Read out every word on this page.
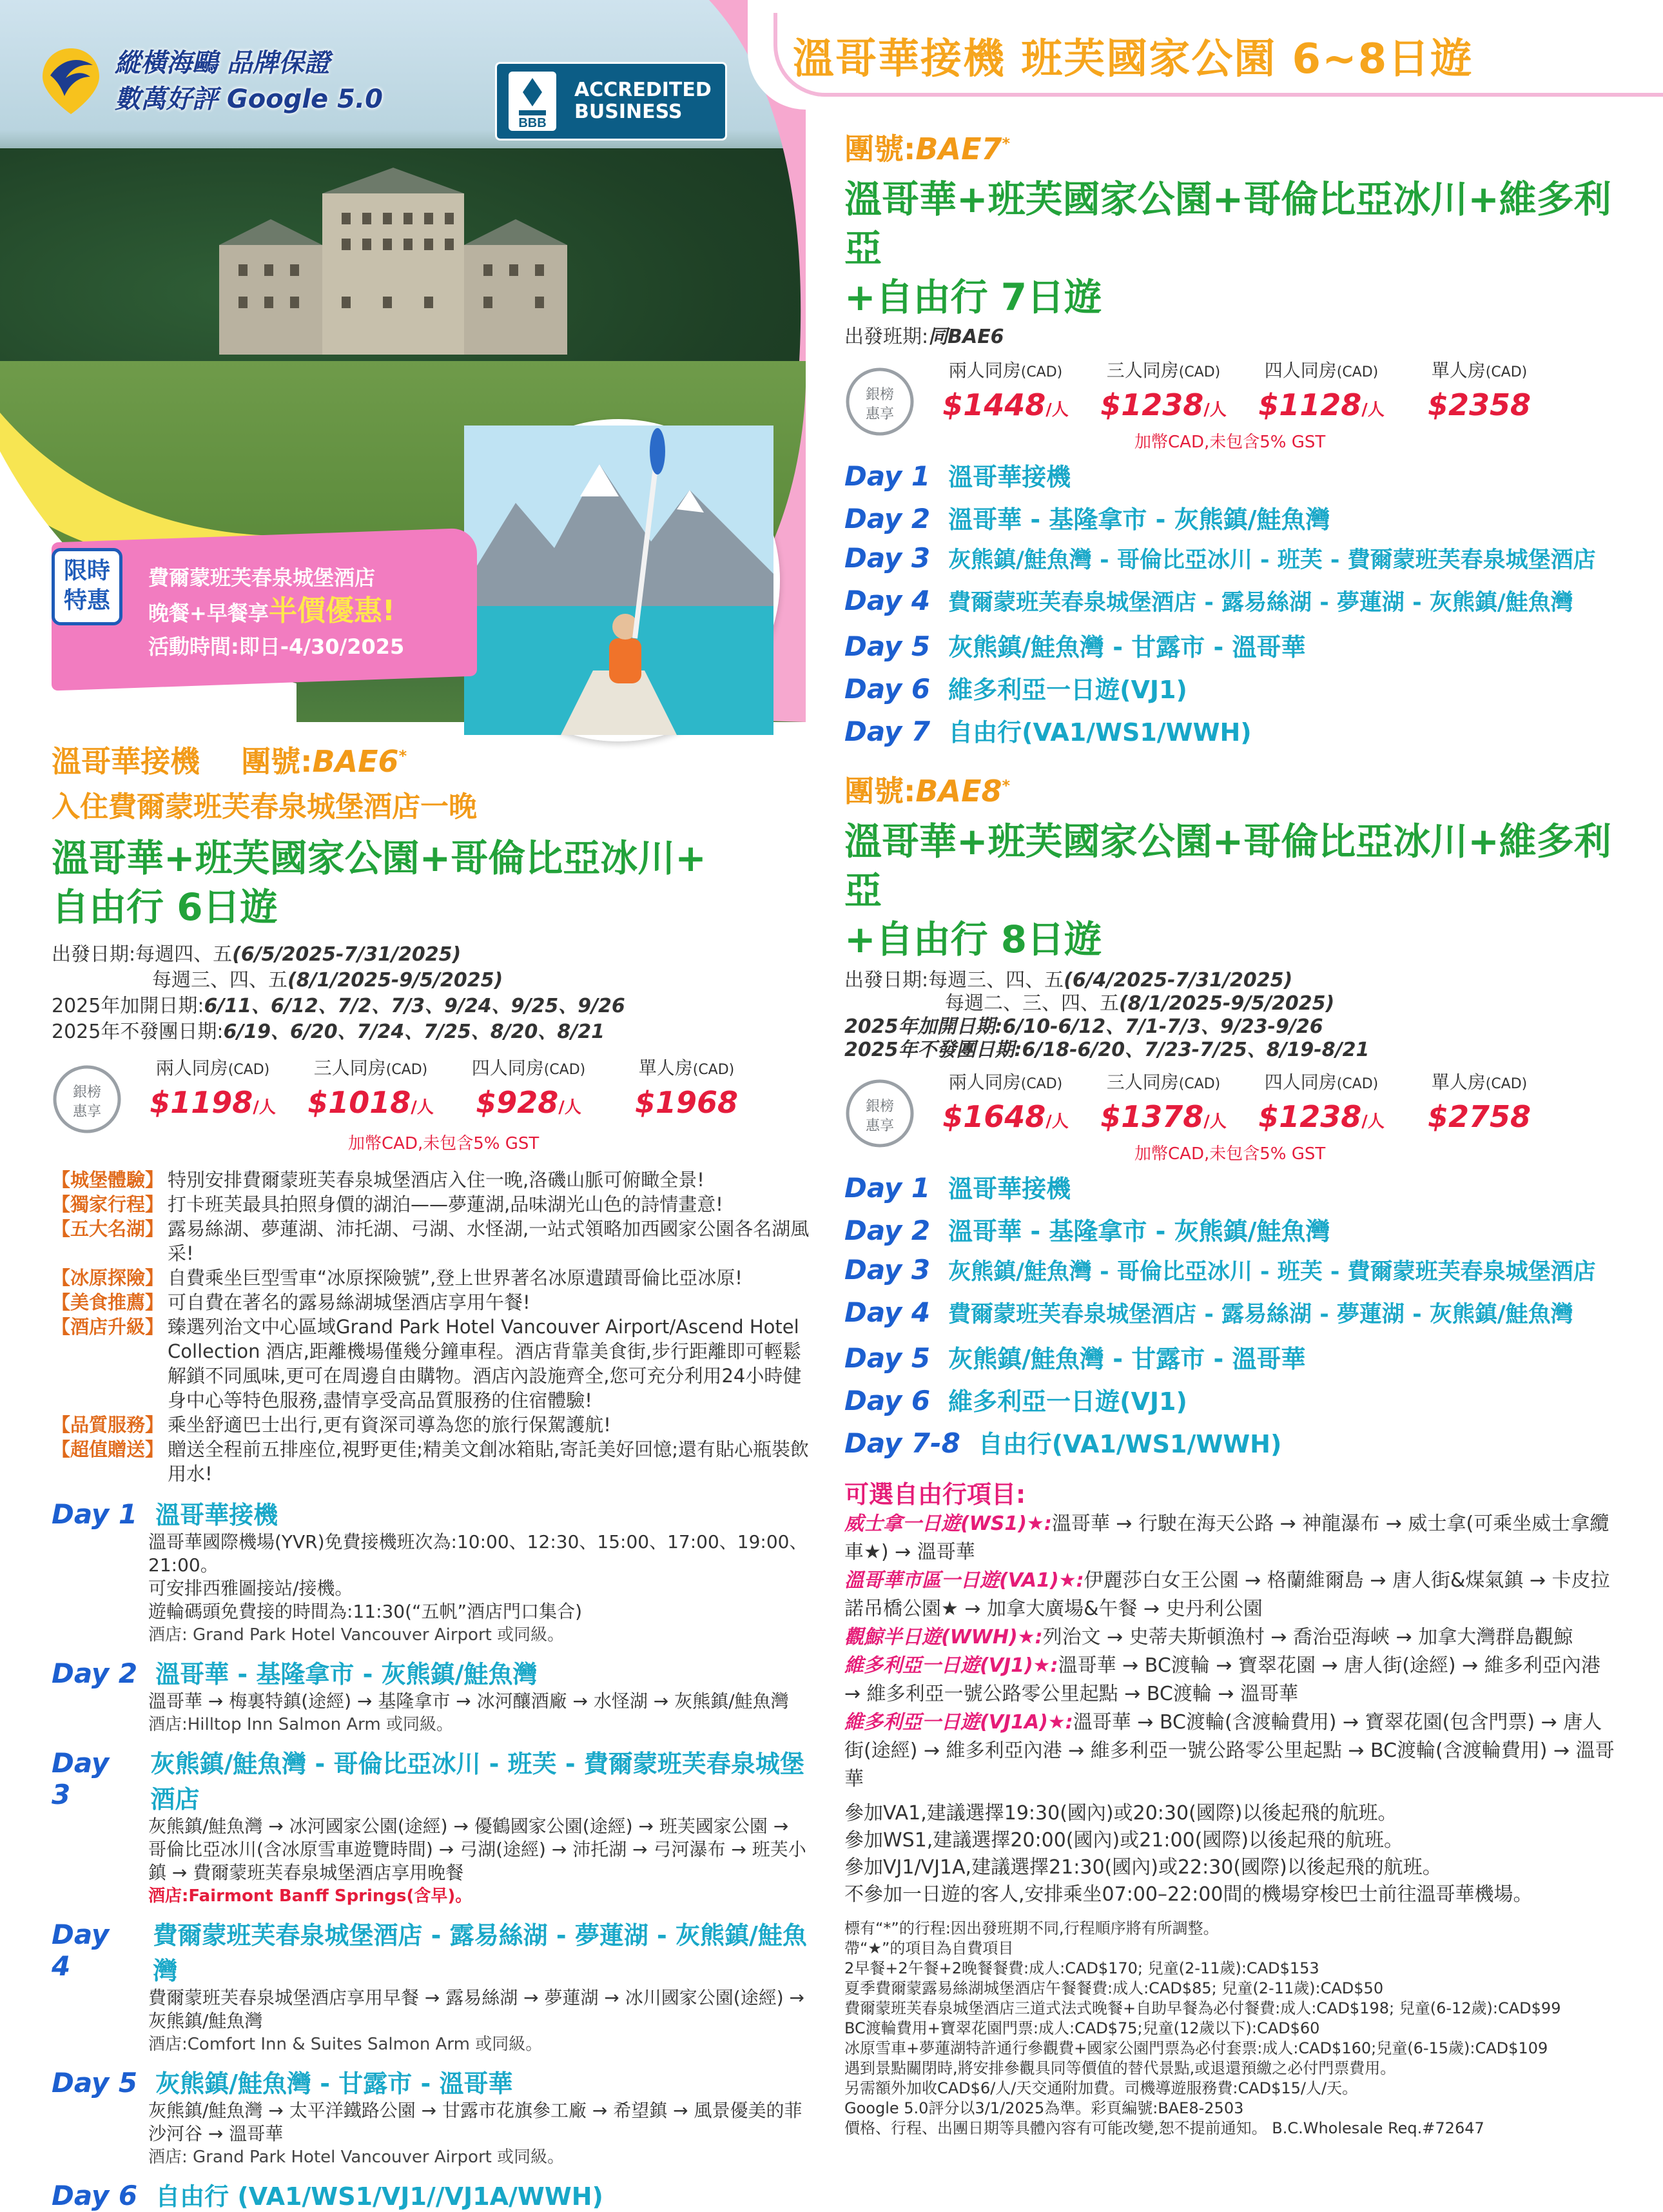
縱橫海鷗 品牌保證
數萬好評 Google 5.0
BBB
ACCREDITED
BUSINESS
限時
特惠
費爾蒙班芙春泉城堡酒店
晚餐+早餐享半價優惠!
活動時間:即日-4/30/2025
溫哥華接機 班芙國家公園 6~8日遊
溫哥華接機 團號:BAE6*
入住費爾蒙班芙春泉城堡酒店一晚
溫哥華+班芙國家公園+哥倫比亞冰川+
自由行 6日遊
出發日期:每週四、五(6/5/2025-7/31/2025)
每週三、四、五(8/1/2025-9/5/2025)
2025年加開日期:6/11、6/12、7/2、7/3、9/24、9/25、9/26
2025年不發團日期:6/19、6/20、7/24、7/25、8/20、8/21
銀榜
惠享
兩人同房(CAD)
$1198/人
三人同房(CAD)
$1018/人
四人同房(CAD)
$928/人
單人房(CAD)
$1968
加幣CAD,未包含5% GST
【城堡體驗】 特別安排費爾蒙班芙春泉城堡酒店入住一晚,洛磯山脈可俯瞰全景!
【獨家行程】 打卡班芙最具拍照身價的湖泊——夢蓮湖,品味湖光山色的詩情畫意!
【五大名湖】 露易絲湖、夢蓮湖、沛托湖、弓湖、水怪湖,一站式領略加西國家公園各名湖風采!
【冰原探險】 自費乘坐巨型雪車“冰原探險號”,登上世界著名冰原遺蹟哥倫比亞冰原!
【美食推薦】 可自費在著名的露易絲湖城堡酒店享用午餐!
【酒店升級】 臻選列治文中心區域Grand Park Hotel Vancouver Airport/Ascend Hotel Collection 酒店,距離機場僅幾分鐘車程。酒店背靠美食街,步行距離即可輕鬆解鎖不同風味,更可在周邊自由購物。酒店內設施齊全,您可充分利用24小時健身中心等特色服務,盡情享受高品質服務的住宿體驗!
【品質服務】 乘坐舒適巴士出行,更有資深司導為您的旅行保駕護航!
【超值贈送】 贈送全程前五排座位,視野更佳;精美文創冰箱貼,寄託美好回憶;還有貼心瓶裝飲用水!
Day 1 溫哥華接機
溫哥華國際機場(YVR)免費接機班次為:10:00、12:30、15:00、17:00、19:00、21:00。
可安排西雅圖接站/接機。
遊輪碼頭免費接的時間為:11:30(“五帆”酒店門口集合)
酒店: Grand Park Hotel Vancouver Airport 或同級。
Day 2 溫哥華 - 基隆拿市 - 灰熊鎮/鮭魚灣
溫哥華 → 梅裏特鎮(途經) → 基隆拿市 → 冰河釀酒廠 → 水怪湖 → 灰熊鎮/鮭魚灣
酒店:Hilltop Inn Salmon Arm 或同級。
Day 3
灰熊鎮/鮭魚灣 - 哥倫比亞冰川 - 班芙 - 費爾蒙班芙春泉城堡酒店
灰熊鎮/鮭魚灣 → 冰河國家公園(途經) → 優鶴國家公園(途經) → 班芙國家公園 → 哥倫比亞冰川(含冰原雪車遊覽時間) → 弓湖(途經) → 沛托湖 → 弓河瀑布 → 班芙小鎮 → 費爾蒙班芙春泉城堡酒店享用晚餐
酒店:Fairmont Banff Springs(含早)。
Day 4
費爾蒙班芙春泉城堡酒店 - 露易絲湖 - 夢蓮湖 - 灰熊鎮/鮭魚灣
費爾蒙班芙春泉城堡酒店享用早餐 → 露易絲湖 → 夢蓮湖 → 冰川國家公園(途經) → 灰熊鎮/鮭魚灣
酒店:Comfort Inn & Suites Salmon Arm 或同級。
Day 5 灰熊鎮/鮭魚灣 - 甘露市 - 溫哥華
灰熊鎮/鮭魚灣 → 太平洋鐵路公園 → 甘露市花旗參工廠 → 希望鎮 → 風景優美的菲沙河谷 → 溫哥華
酒店: Grand Park Hotel Vancouver Airport 或同級。
Day 6 自由行 (VA1/WS1/VJ1//VJ1A/WWH)
團號:BAE7*
溫哥華+班芙國家公園+哥倫比亞冰川+維多利亞
+自由行 7日遊
出發班期:同BAE6
銀榜
惠享
兩人同房(CAD)
$1448/人
三人同房(CAD)
$1238/人
四人同房(CAD)
$1128/人
單人房(CAD)
$2358
加幣CAD,未包含5% GST
Day 1 溫哥華接機
Day 2 溫哥華 - 基隆拿市 - 灰熊鎮/鮭魚灣
Day 3 灰熊鎮/鮭魚灣 - 哥倫比亞冰川 - 班芙 - 費爾蒙班芙春泉城堡酒店
Day 4 費爾蒙班芙春泉城堡酒店 - 露易絲湖 - 夢蓮湖 - 灰熊鎮/鮭魚灣
Day 5 灰熊鎮/鮭魚灣 - 甘露市 - 溫哥華
Day 6 維多利亞一日遊(VJ1)
Day 7 自由行(VA1/WS1/WWH)
團號:BAE8*
溫哥華+班芙國家公園+哥倫比亞冰川+維多利亞
+自由行 8日遊
出發日期:每週三、四、五(6/4/2025-7/31/2025)
每週二、三、四、五(8/1/2025-9/5/2025)
2025年加開日期:6/10-6/12、7/1-7/3、9/23-9/26
2025年不發團日期:6/18-6/20、7/23-7/25、8/19-8/21
銀榜
惠享
兩人同房(CAD)
$1648/人
三人同房(CAD)
$1378/人
四人同房(CAD)
$1238/人
單人房(CAD)
$2758
加幣CAD,未包含5% GST
Day 1 溫哥華接機
Day 2 溫哥華 - 基隆拿市 - 灰熊鎮/鮭魚灣
Day 3 灰熊鎮/鮭魚灣 - 哥倫比亞冰川 - 班芙 - 費爾蒙班芙春泉城堡酒店
Day 4 費爾蒙班芙春泉城堡酒店 - 露易絲湖 - 夢蓮湖 - 灰熊鎮/鮭魚灣
Day 5 灰熊鎮/鮭魚灣 - 甘露市 - 溫哥華
Day 6 維多利亞一日遊(VJ1)
Day 7-8 自由行(VA1/WS1/WWH)
可選自由行項目:
威士拿一日遊(WS1)★:溫哥華 → 行駛在海天公路 → 神龍瀑布 → 威士拿(可乘坐威士拿纜車★) → 溫哥華
溫哥華市區一日遊(VA1)★:伊麗莎白女王公園 → 格蘭維爾島 → 唐人街&煤氣鎮 → 卡皮拉諾吊橋公園★ → 加拿大廣場&午餐 → 史丹利公園
觀鯨半日遊(WWH)★:列治文 → 史蒂夫斯頓漁村 → 喬治亞海峽 → 加拿大灣群島觀鯨
維多利亞一日遊(VJ1)★:溫哥華 → BC渡輪 → 寶翠花園 → 唐人街(途經) → 維多利亞內港 → 維多利亞一號公路零公里起點 → BC渡輪 → 溫哥華
維多利亞一日遊(VJ1A)★:溫哥華 → BC渡輪(含渡輪費用) → 寶翠花園(包含門票) → 唐人街(途經) → 維多利亞內港 → 維多利亞一號公路零公里起點 → BC渡輪(含渡輪費用) → 溫哥華
參加VA1,建議選擇19:30(國內)或20:30(國際)以後起飛的航班。
參加WS1,建議選擇20:00(國內)或21:00(國際)以後起飛的航班。
參加VJ1/VJ1A,建議選擇21:30(國內)或22:30(國際)以後起飛的航班。
不參加一日遊的客人,安排乘坐07:00–22:00間的機場穿梭巴士前往溫哥華機場。
標有“*”的行程:因出發班期不同,行程順序將有所調整。
帶“★”的項目為自費項目
2早餐+2午餐+2晚餐餐費:成人:CAD$170; 兒童(2-11歲):CAD$153
夏季費爾蒙露易絲湖城堡酒店午餐餐費:成人:CAD$85; 兒童(2-11歲):CAD$50
費爾蒙班芙春泉城堡酒店三道式法式晚餐+自助早餐為必付餐費:成人:CAD$198; 兒童(6-12歲):CAD$99
BC渡輪費用+寶翠花園門票:成人:CAD$75;兒童(12歲以下):CAD$60
冰原雪車+夢蓮湖特許通行參觀費+國家公園門票為必付套票:成人:CAD$160;兒童(6-15歲):CAD$109
遇到景點關閉時,將安排參觀具同等價值的替代景點,或退還預繳之必付門票費用。
另需額外加收CAD$6/人/天交通附加費。司機導遊服務費:CAD$15/人/天。
Google 5.0評分以3/1/2025為準。彩頁編號:BAE8-2503
價格、行程、出團日期等具體內容有可能改變,恕不提前通知。 B.C.Wholesale Req.#72647
